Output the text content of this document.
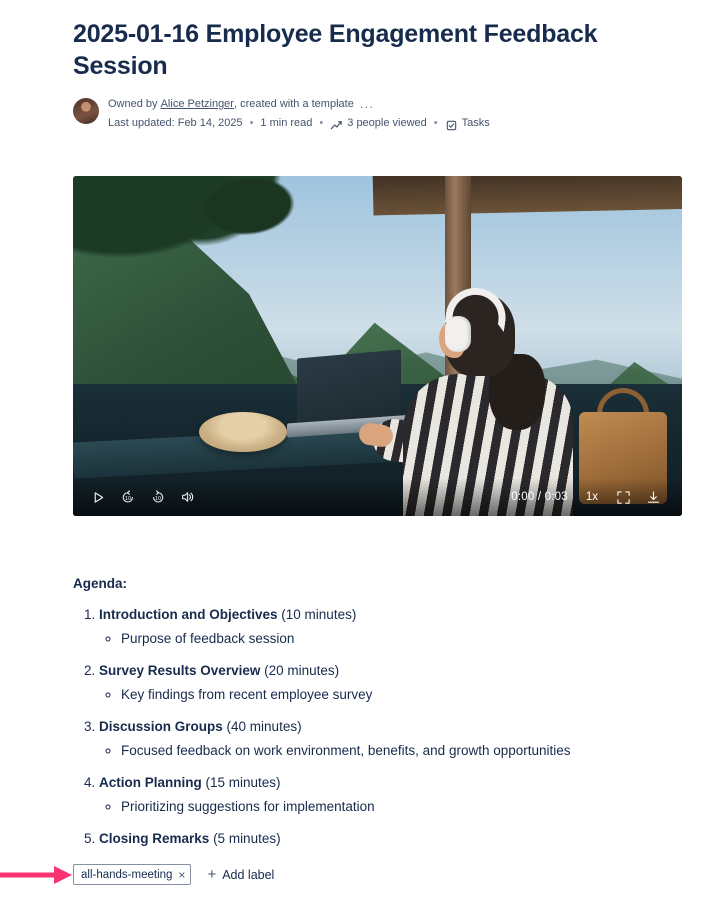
2025-01-16 Employee Engagement Feedback Session
Owned by
Alice Petzinger , created with a template ...
Last updated: Feb 14, 2025 • 1 min read • 3 people viewed • Tasks
10	10	0:00 / 0:03 1x
Agenda:
1. Introduction and Objectives (10 minutes)
◦ Purpose of feedback session
2. Survey Results Overview (20 minutes)
◦ Key findings from recent employee survey
3. Discussion Groups (40 minutes)
◦ Focused feedback on work environment, benefits, and growth opportunities
4. Action Planning (15 minutes)
◦ Prioritizing suggestions for implementation
5. Closing Remarks (5 minutes)
all-hands-meeting × + Add label
